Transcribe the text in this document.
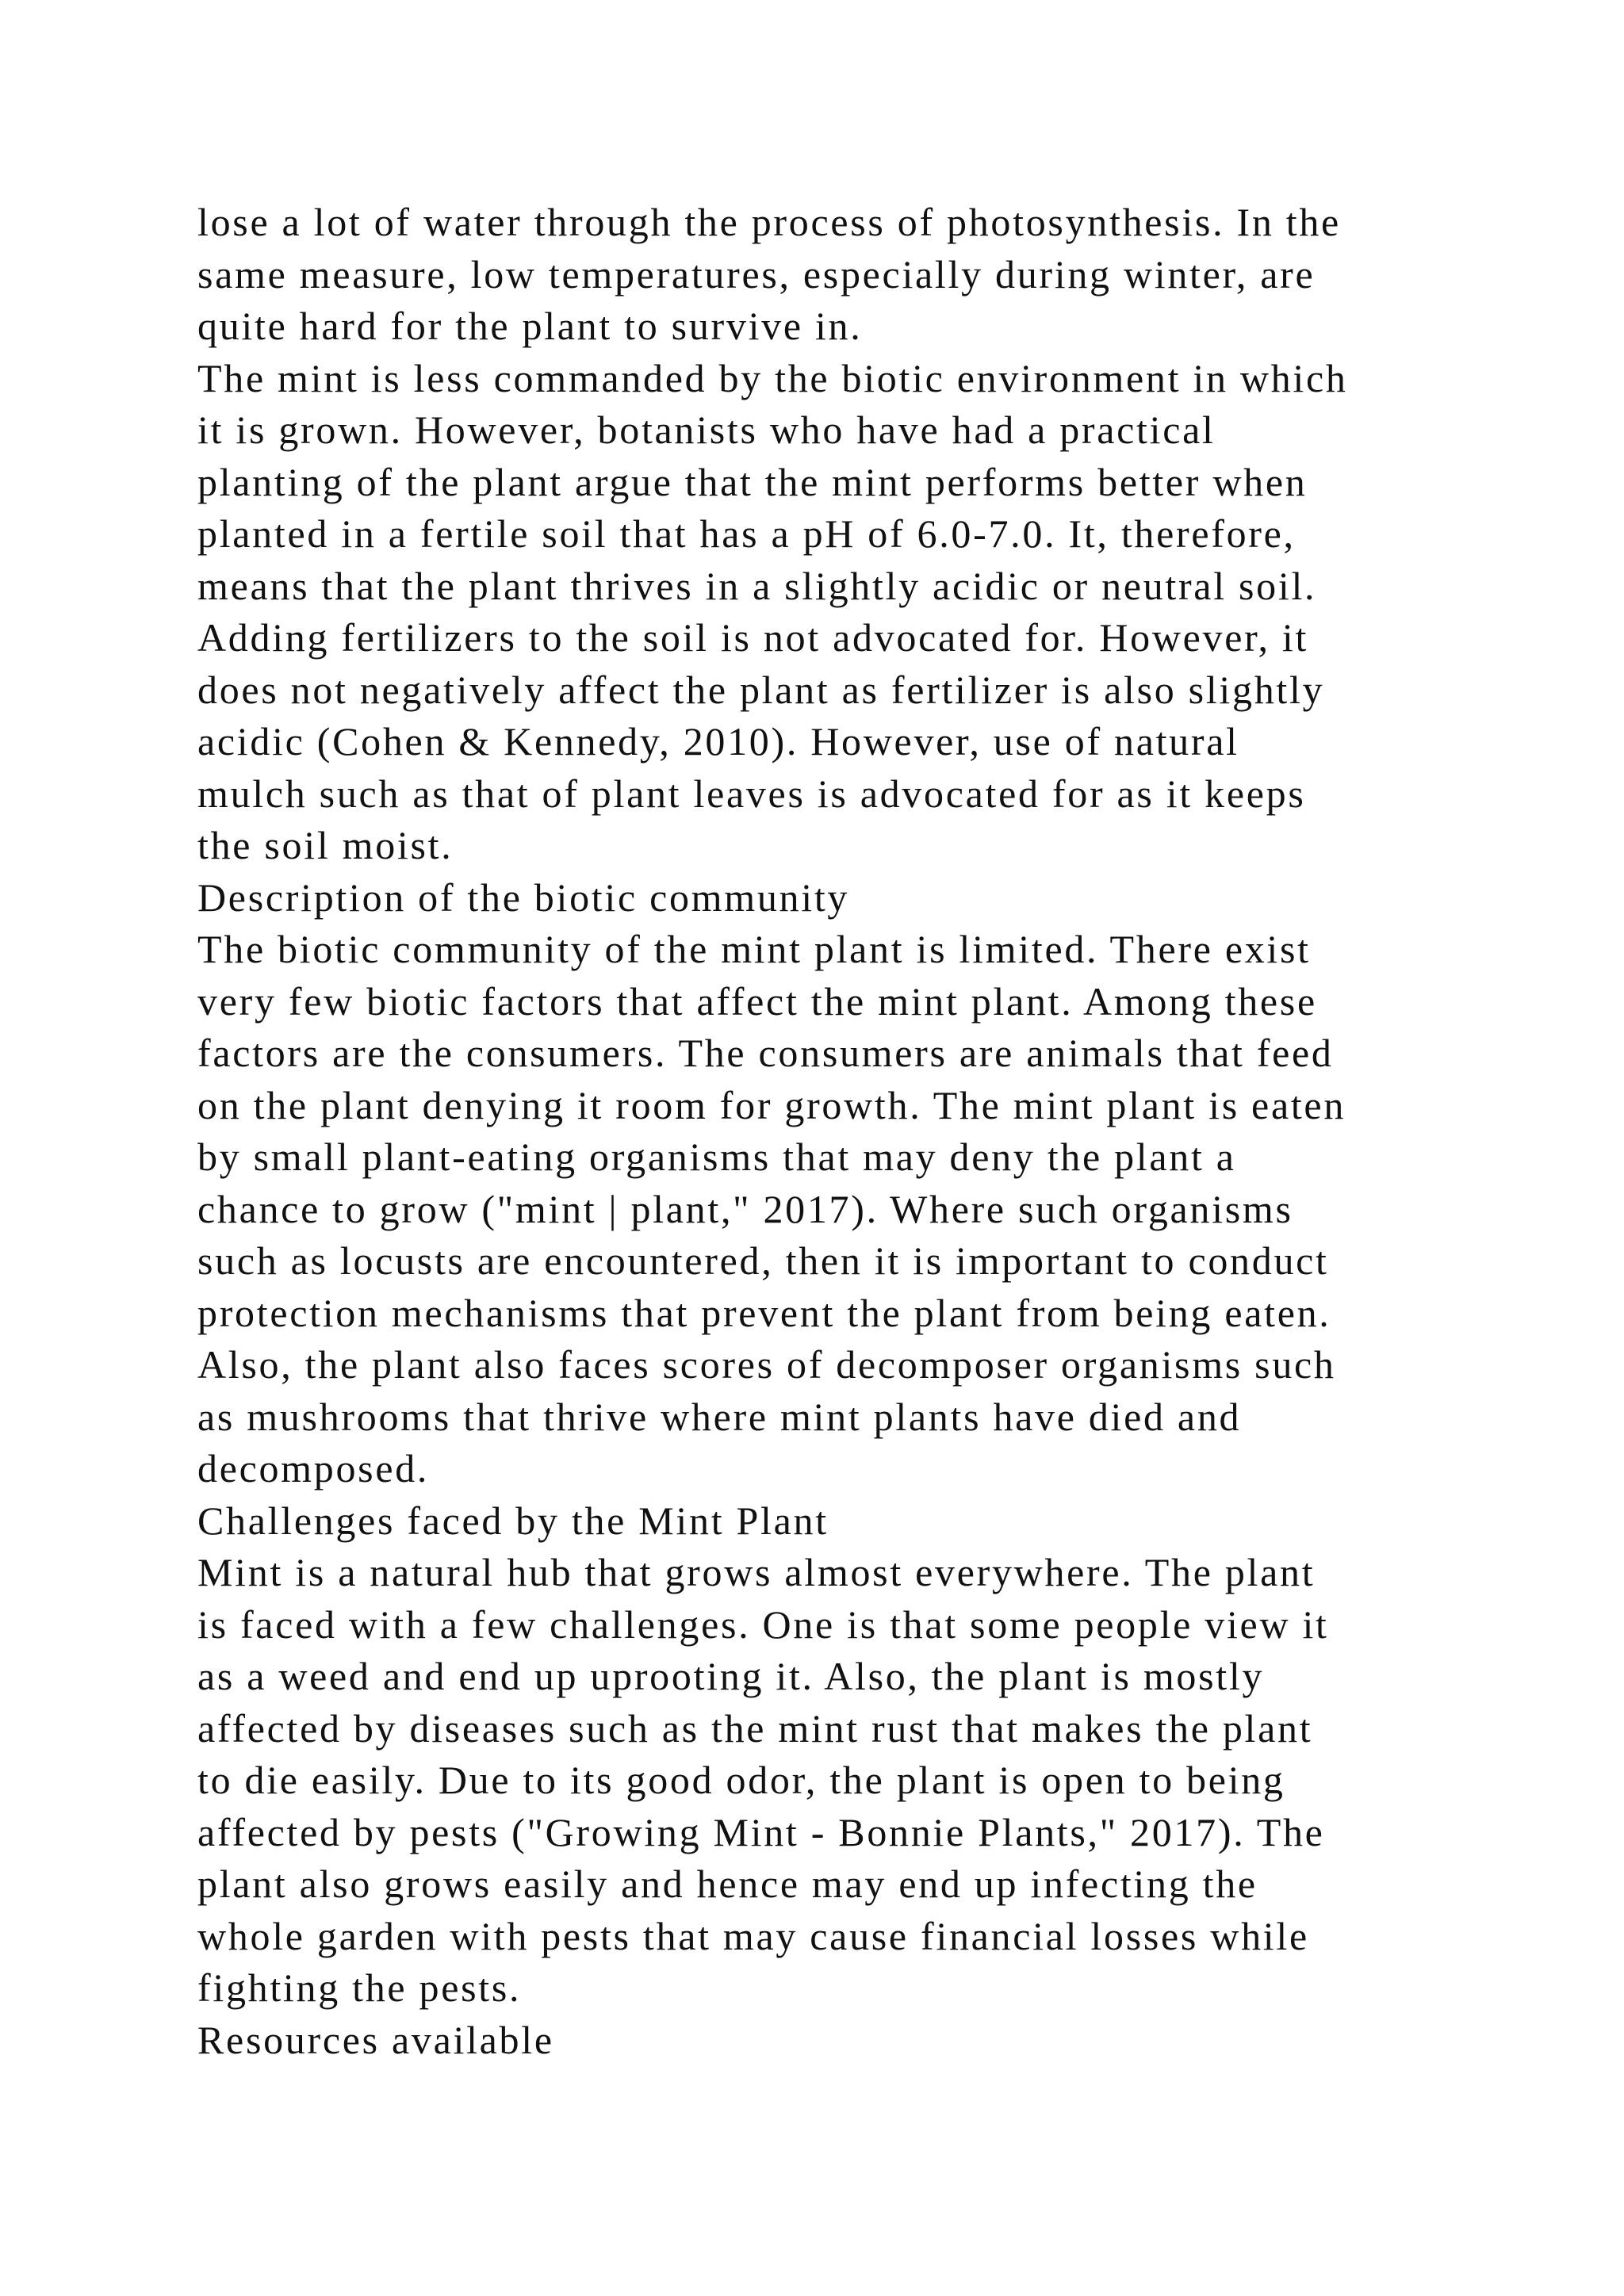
lose a lot of water through the process of photosynthesis. In the
same measure, low temperatures, especially during winter, are
quite hard for the plant to survive in.
The mint is less commanded by the biotic environment in which
it is grown. However, botanists who have had a practical
planting of the plant argue that the mint performs better when
planted in a fertile soil that has a pH of 6.0-7.0. It, therefore,
means that the plant thrives in a slightly acidic or neutral soil.
Adding fertilizers to the soil is not advocated for. However, it
does not negatively affect the plant as fertilizer is also slightly
acidic (Cohen & Kennedy, 2010). However, use of natural
mulch such as that of plant leaves is advocated for as it keeps
the soil moist.
Description of the biotic community
The biotic community of the mint plant is limited. There exist
very few biotic factors that affect the mint plant. Among these
factors are the consumers. The consumers are animals that feed
on the plant denying it room for growth. The mint plant is eaten
by small plant-eating organisms that may deny the plant a
chance to grow ("mint | plant," 2017). Where such organisms
such as locusts are encountered, then it is important to conduct
protection mechanisms that prevent the plant from being eaten.
Also, the plant also faces scores of decomposer organisms such
as mushrooms that thrive where mint plants have died and
decomposed.
Challenges faced by the Mint Plant
Mint is a natural hub that grows almost everywhere. The plant
is faced with a few challenges. One is that some people view it
as a weed and end up uprooting it. Also, the plant is mostly
affected by diseases such as the mint rust that makes the plant
to die easily. Due to its good odor, the plant is open to being
affected by pests ("Growing Mint - Bonnie Plants," 2017). The
plant also grows easily and hence may end up infecting the
whole garden with pests that may cause financial losses while
fighting the pests.
Resources available
